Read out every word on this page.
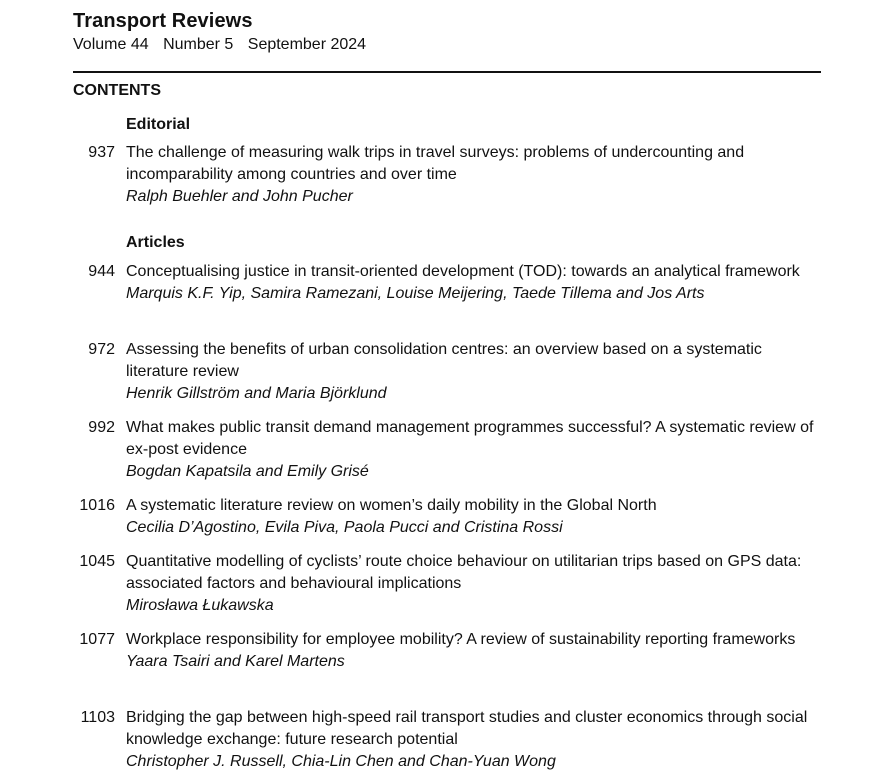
Transport Reviews
Volume 44 Number 5 September 2024
CONTENTS
Editorial
937 The challenge of measuring walk trips in travel surveys: problems of undercounting and incomparability among countries and over time
Ralph Buehler and John Pucher
Articles
944 Conceptualising justice in transit-oriented development (TOD): towards an analytical framework
Marquis K.F. Yip, Samira Ramezani, Louise Meijering, Taede Tillema and Jos Arts
972 Assessing the benefits of urban consolidation centres: an overview based on a systematic literature review
Henrik Gillström and Maria Björklund
992 What makes public transit demand management programmes successful? A systematic review of ex-post evidence
Bogdan Kapatsila and Emily Grisé
1016 A systematic literature review on women’s daily mobility in the Global North
Cecilia D’Agostino, Evila Piva, Paola Pucci and Cristina Rossi
1045 Quantitative modelling of cyclists’ route choice behaviour on utilitarian trips based on GPS data: associated factors and behavioural implications
Mirosława Łukawska
1077 Workplace responsibility for employee mobility? A review of sustainability reporting frameworks
Yaara Tsairi and Karel Martens
1103 Bridging the gap between high-speed rail transport studies and cluster economics through social knowledge exchange: future research potential
Christopher J. Russell, Chia-Lin Chen and Chan-Yuan Wong
